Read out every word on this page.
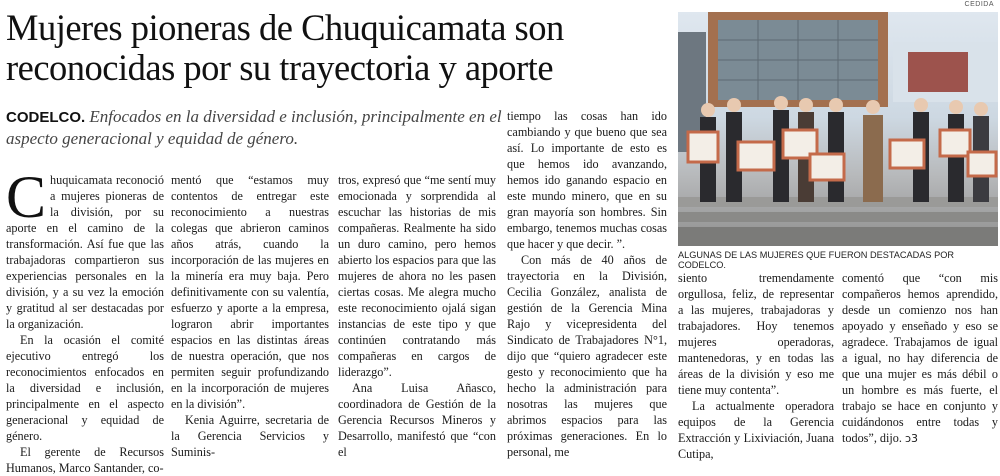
CEDIDA
Mujeres pioneras de Chuquicamata son reconocidas por su trayectoria y aporte

CODELCO. Enfocados en la diversidad e inclusión, principalmente en el aspecto generacional y equidad de género.

Chuquicamata reconoció a mujeres pioneras de la división, por su aporte en el camino de la transformación. Así fue que las trabajadoras compartieron sus experiencias personales en la división, y a su vez la emoción y gratitud al ser destacadas por la organización.

En la ocasión el comité ejecutivo entregó los reconocimientos enfocados en la diversidad e inclusión, principalmente en el aspecto generacional y equidad de género.

El gerente de Recursos Humanos, Marco Santander, co-

mentó que “estamos muy contentos de entregar este reconocimiento a nuestras colegas que abrieron caminos años atrás, cuando la incorporación de las mujeres en la minería era muy baja. Pero definitivamente con su valentía, esfuerzo y aporte a la empresa, lograron abrir importantes espacios en las distintas áreas de nuestra operación, que nos permiten seguir profundizando en la incorporación de mujeres en la división”.

Kenia Aguirre, secretaria de la Gerencia Servicios y Suminis-

tros, expresó que “me sentí muy emocionada y sorprendida al escuchar las historias de mis compañeras. Realmente ha sido un duro camino, pero hemos abierto los espacios para que las mujeres de ahora no les pasen ciertas cosas. Me alegra mucho este reconocimiento ojalá sigan instancias de este tipo y que continúen contratando más compañeras en cargos de liderazgo”.

Ana Luisa Añasco, coordinadora de Gestión de la Gerencia Recursos Mineros y Desarrollo, manifestó que “con el

tiempo las cosas han ido cambiando y que bueno que sea así. Lo importante de esto es que hemos ido avanzando, hemos ido ganando espacio en este mundo minero, que en su gran mayoría son hombres. Sin embargo, tenemos muchas cosas que hacer y que decir. ”.

Con más de 40 años de trayectoria en la División, Cecilia González, analista de gestión de la Gerencia Mina Rajo y vicepresidenta del Sindicato de Trabajadores N°1, dijo que “quiero agradecer este gesto y reconocimiento que ha hecho la administración para nosotras las mujeres que abrimos espacios para las próximas generaciones. En lo personal, me

ALGUNAS DE LAS MUJERES QUE FUERON DESTACADAS POR CODELCO.

siento tremendamente orgullosa, feliz, de representar a las mujeres, trabajadoras y trabajadores. Hoy tenemos mujeres operadoras, mantenedoras, y en todas las áreas de la división y eso me tiene muy contenta”.

La actualmente operadora equipos de la Gerencia Extracción y Lixiviación, Juana Cutipa,

comentó que “con mis compañeros hemos aprendido, desde un comienzo nos han apoyado y enseñado y eso se agradece. Trabajamos de igual a igual, no hay diferencia de que una mujer es más débil o un hombre es más fuerte, el trabajo se hace en conjunto y cuidándonos entre todas y todos”, dijo. ↄ3
